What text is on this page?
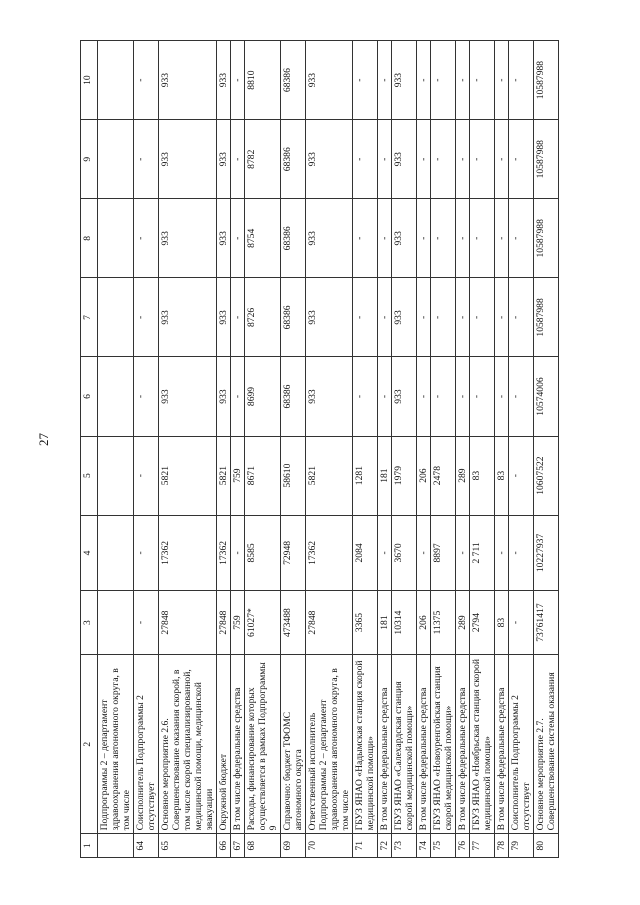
27
1	2	3	4	5	6	7	8	9	10
	Подпрограммы 2 – департамент здравоохранения автономного округа, в том числе								
64	Соисполнитель Подпрограммы 2 отсутствует	-	-	-	-	-	-	-	-
65	Основное мероприятие 2.6. Совершенствование оказания скорой, в том числе скорой специализированной, медицинской помощи, медицинской эвакуации	27848	17362	5821	933	933	933	933	933
66	Окружной бюджет	27848	17362	5821	933	933	933	933	933
67	В том числе федеральные средства	759	-	759	-	-	-	-	-
68	Расходы, финансирование которых осуществляется в рамках Подпрограммы 9	61027*	8585	8671	8699	8726	8754	8782	8810
69	Справочно: бюджет ТФОМС автономного округа	473488	72948	58610	68386	68386	68386	68386	68386
70	Ответственный исполнитель Подпрограммы 2 – департамент здравоохранения автономного округа, в том числе	27848	17362	5821	933	933	933	933	933
71	ГБУЗ ЯНАО «Надымская станция скорой медицинской помощи»	3365	2084	1281	-	-	-	-	-
72	В том числе федеральные средства	181	-	181	-	-	-	-	-
73	ГБУЗ ЯНАО «Салехардская станция скорой медицинской помощи»	10314	3670	1979	933	933	933	933	933
74	В том числе федеральные средства	206	-	206	-	-	-	-	-
75	ГБУЗ ЯНАО «Новоуренгойская станция скорой медицинской помощи»	11375	8897	2478	-	-	-	-	-
76	В том числе федеральные средства	289	-	289	-	-	-	-	-
77	ГБУЗ ЯНАО «Ноябрьская станция скорой медицинской помощи»	2794	2 711	83	-	-	-	-	-
78	В том числе федеральные средства	83	-	83	-	-	-	-	-
79	Соисполнитель Подпрограммы 2 отсутствует	-	-	-	-	-	-	-	-
80	Основное мероприятие 2.7. Совершенствование системы оказания	73761417	10227937	10607522	10574006	10587988	10587988	10587988	10587988
